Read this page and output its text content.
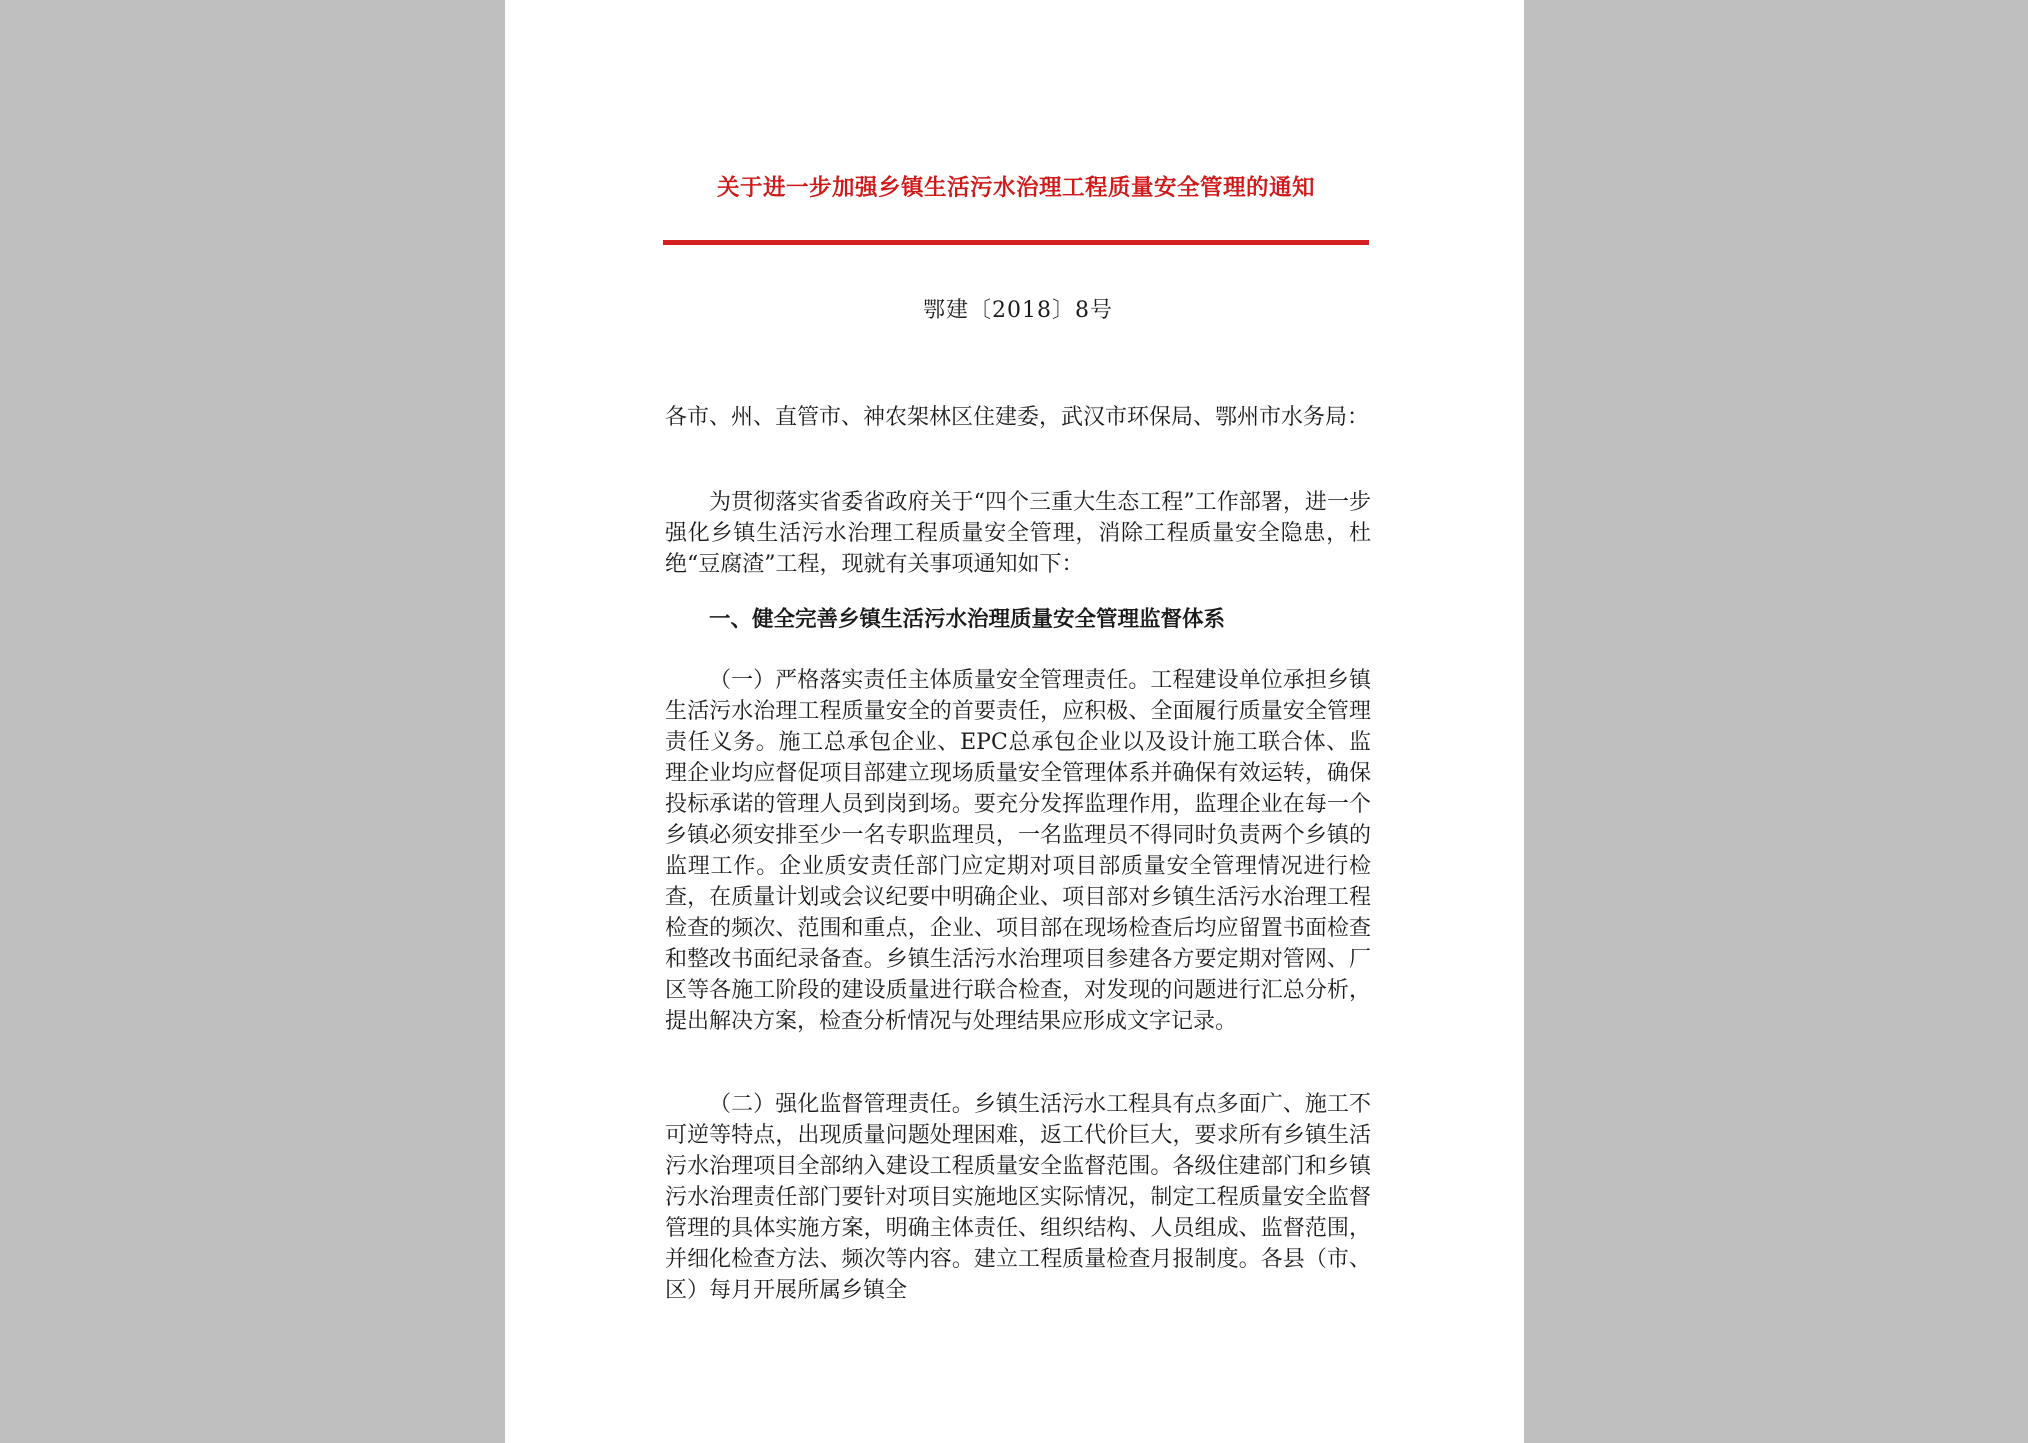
关于进一步加强乡镇生活污水治理工程质量安全管理的通知
鄂建〔2018〕8号
各市、州、直管市、神农架林区住建委，武汉市环保局、鄂州市水务局：
为贯彻落实省委省政府关于“四个三重大生态工程”工作部署，进一步强化乡镇生活污水治理工程质量安全管理，消除工程质量安全隐患，杜绝“豆腐渣”工程，现就有关事项通知如下：
一、健全完善乡镇生活污水治理质量安全管理监督体系
（一）严格落实责任主体质量安全管理责任。工程建设单位承担乡镇生活污水治理工程质量安全的首要责任，应积极、全面履行质量安全管理责任义务。施工总承包企业、EPC总承包企业以及设计施工联合体、监理企业均应督促项目部建立现场质量安全管理体系并确保有效运转，确保投标承诺的管理人员到岗到场。要充分发挥监理作用，监理企业在每一个乡镇必须安排至少一名专职监理员，一名监理员不得同时负责两个乡镇的监理工作。企业质安责任部门应定期对项目部质量安全管理情况进行检查，在质量计划或会议纪要中明确企业、项目部对乡镇生活污水治理工程检查的频次、范围和重点，企业、项目部在现场检查后均应留置书面检查和整改书面纪录备查。乡镇生活污水治理项目参建各方要定期对管网、厂区等各施工阶段的建设质量进行联合检查，对发现的问题进行汇总分析，提出解决方案，检查分析情况与处理结果应形成文字记录。
（二）强化监督管理责任。乡镇生活污水工程具有点多面广、施工不可逆等特点，出现质量问题处理困难，返工代价巨大，要求所有乡镇生活污水治理项目全部纳入建设工程质量安全监督范围。各级住建部门和乡镇污水治理责任部门要针对项目实施地区实际情况，制定工程质量安全监督管理的具体实施方案，明确主体责任、组织结构、人员组成、监督范围，并细化检查方法、频次等内容。建立工程质量检查月报制度。各县（市、区）每月开展所属乡镇全
